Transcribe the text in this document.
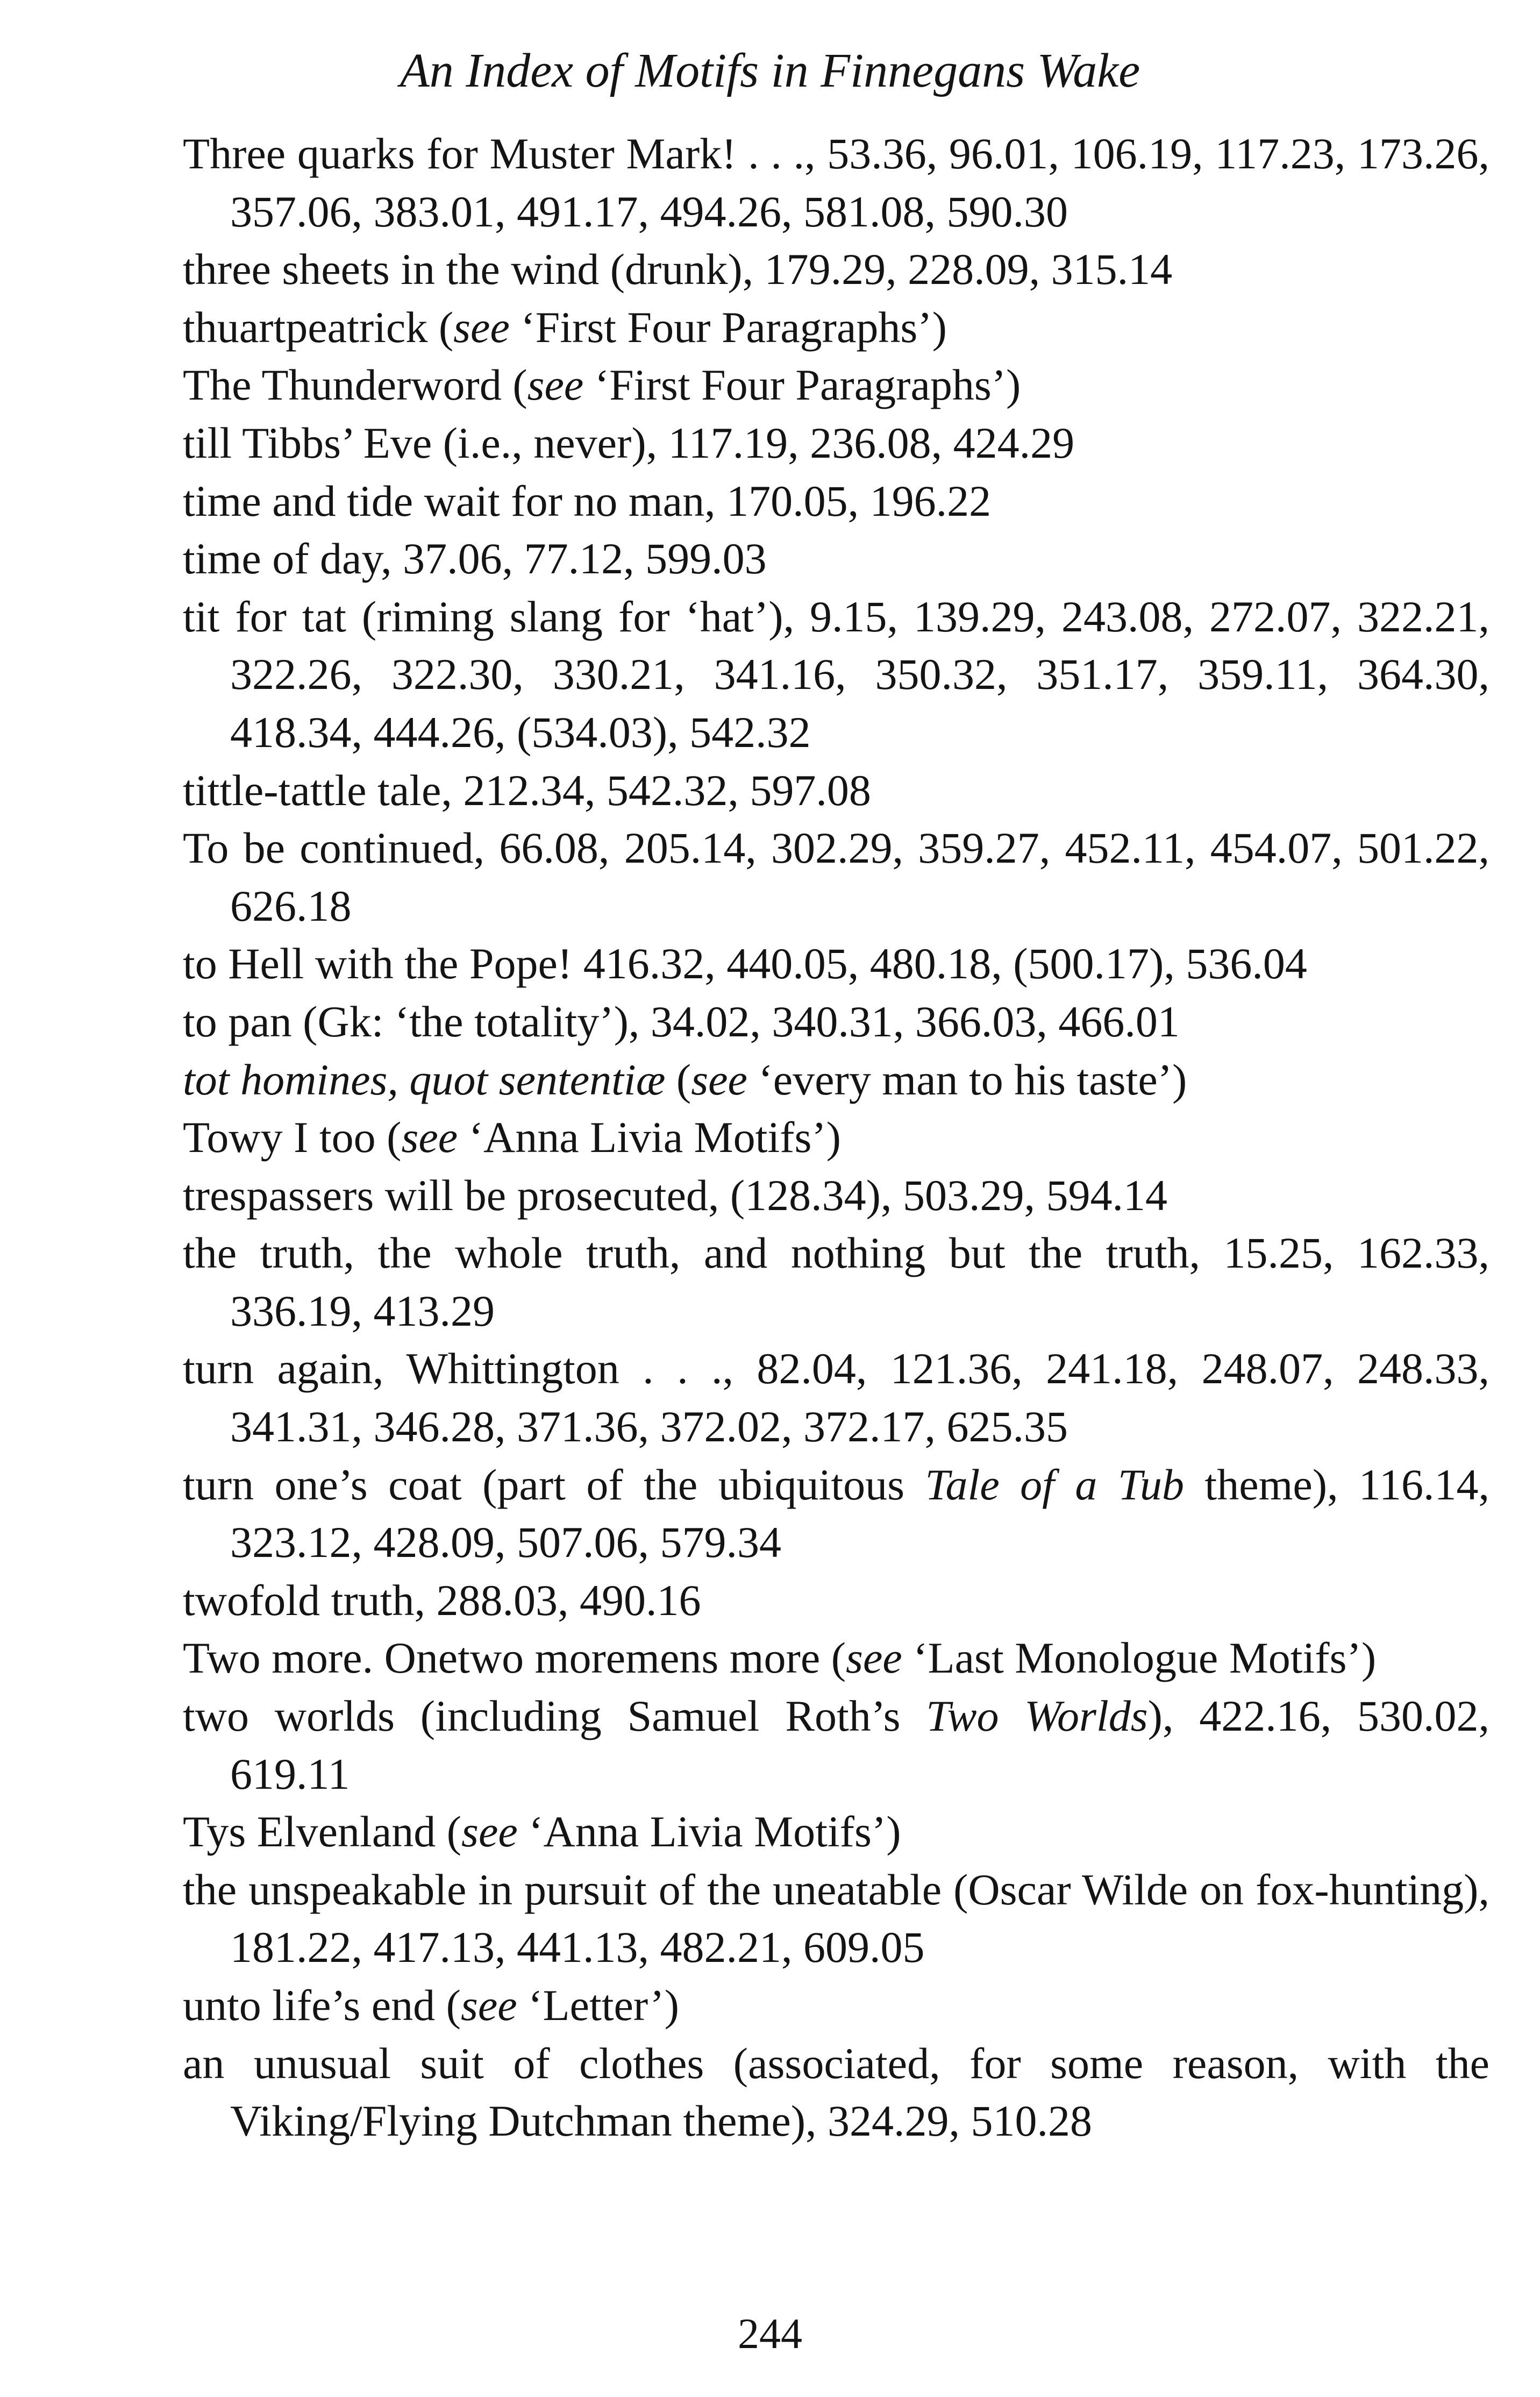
An Index of Motifs in Finnegans Wake
Three quarks for Muster Mark! . . ., 53.36, 96.01, 106.19, 117.23, 173.26, 357.06, 383.01, 491.17, 494.26, 581.08, 590.30
three sheets in the wind (drunk), 179.29, 228.09, 315.14
thuartpeatrick (see ‘First Four Paragraphs’)
The Thunderword (see ‘First Four Paragraphs’)
till Tibbs’ Eve (i.e., never), 117.19, 236.08, 424.29
time and tide wait for no man, 170.05, 196.22
time of day, 37.06, 77.12, 599.03
tit for tat (riming slang for ‘hat’), 9.15, 139.29, 243.08, 272.07, 322.21, 322.26, 322.30, 330.21, 341.16, 350.32, 351.17, 359.11, 364.30, 418.34, 444.26, (534.03), 542.32
tittle-tattle tale, 212.34, 542.32, 597.08
To be continued, 66.08, 205.14, 302.29, 359.27, 452.11, 454.07, 501.22, 626.18
to Hell with the Pope! 416.32, 440.05, 480.18, (500.17), 536.04
to pan (Gk: ‘the totality’), 34.02, 340.31, 366.03, 466.01
tot homines, quot sententiæ (see ‘every man to his taste’)
Towy I too (see ‘Anna Livia Motifs’)
trespassers will be prosecuted, (128.34), 503.29, 594.14
the truth, the whole truth, and nothing but the truth, 15.25, 162.33, 336.19, 413.29
turn again, Whittington . . ., 82.04, 121.36, 241.18, 248.07, 248.33, 341.31, 346.28, 371.36, 372.02, 372.17, 625.35
turn one’s coat (part of the ubiquitous Tale of a Tub theme), 116.14, 323.12, 428.09, 507.06, 579.34
twofold truth, 288.03, 490.16
Two more. Onetwo moremens more (see ‘Last Monologue Motifs’)
two worlds (including Samuel Roth’s Two Worlds), 422.16, 530.02, 619.11
Tys Elvenland (see ‘Anna Livia Motifs’)
the unspeakable in pursuit of the uneatable (Oscar Wilde on fox-hunting), 181.22, 417.13, 441.13, 482.21, 609.05
unto life’s end (see ‘Letter’)
an unusual suit of clothes (associated, for some reason, with the Viking/Flying Dutchman theme), 324.29, 510.28
244
